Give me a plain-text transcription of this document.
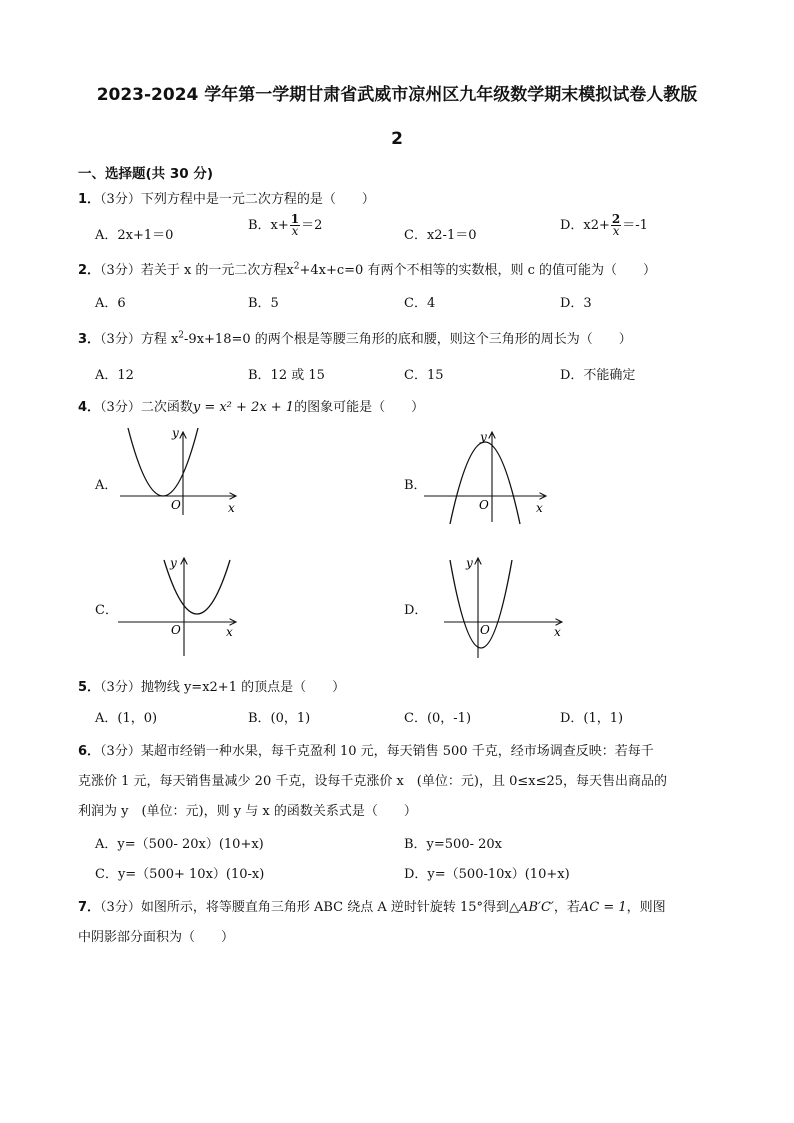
2023-2024 学年第一学期甘肃省武威市凉州区九年级数学期末模拟试卷人教版
2
一、选择题(共 30 分)
1．（3分）下列方程中是一元二次方程的是（　　）
A．2x+1＝0
B．$x+ \frac{1}{x} =2$
C．x2-1＝0
D．$x2+ \frac{2}{x} =-1$
2．（3分）若关于 x 的一元二次方程$x^2+4x+c=0$ 有两个不相等的实数根，则 c 的值可能为（　　）
A．6	B．5	C．4	D．3
3．（3分）方程 $x^2-9x+18=0$ 的两个根是等腰三角形的底和腰，则这个三角形的周长为（　　）
A．12	B．12 或 15	C．15	D．不能确定
4．（3分）二次函数y = x² + 2x + 1的图象可能是（　　）
A．	B．
C．	D．
y
x
O
y
x
O
y
x
O
y
x
O
5．（3分）抛物线 y=x2+1 的顶点是（　　）
A．(1，0)	B．(0，1)	C．(0，-1)	D．(1，1)
6．（3分）某超市经销一种水果，每千克盈利 10 元，每天销售 500 千克，经市场调查反映：若每千
克涨价 1 元，每天销售量减少 20 千克，设每千克涨价 x　(单位：元)，且 0≤x≤25，每天售出商品的
利润为 y　(单位：元)，则 y 与 x 的函数关系式是（　　）
A．y=（500- 20x）(10+x)	B．y=500- 20x
C．y=（500+ 10x）(10-x)	D．y=（500-10x）(10+x)
7．（3分）如图所示，将等腰直角三角形 ABC 绕点 A 逆时针旋转 15°得到△AB′C′，若AC = 1，则图
中阴影部分面积为（　　）
